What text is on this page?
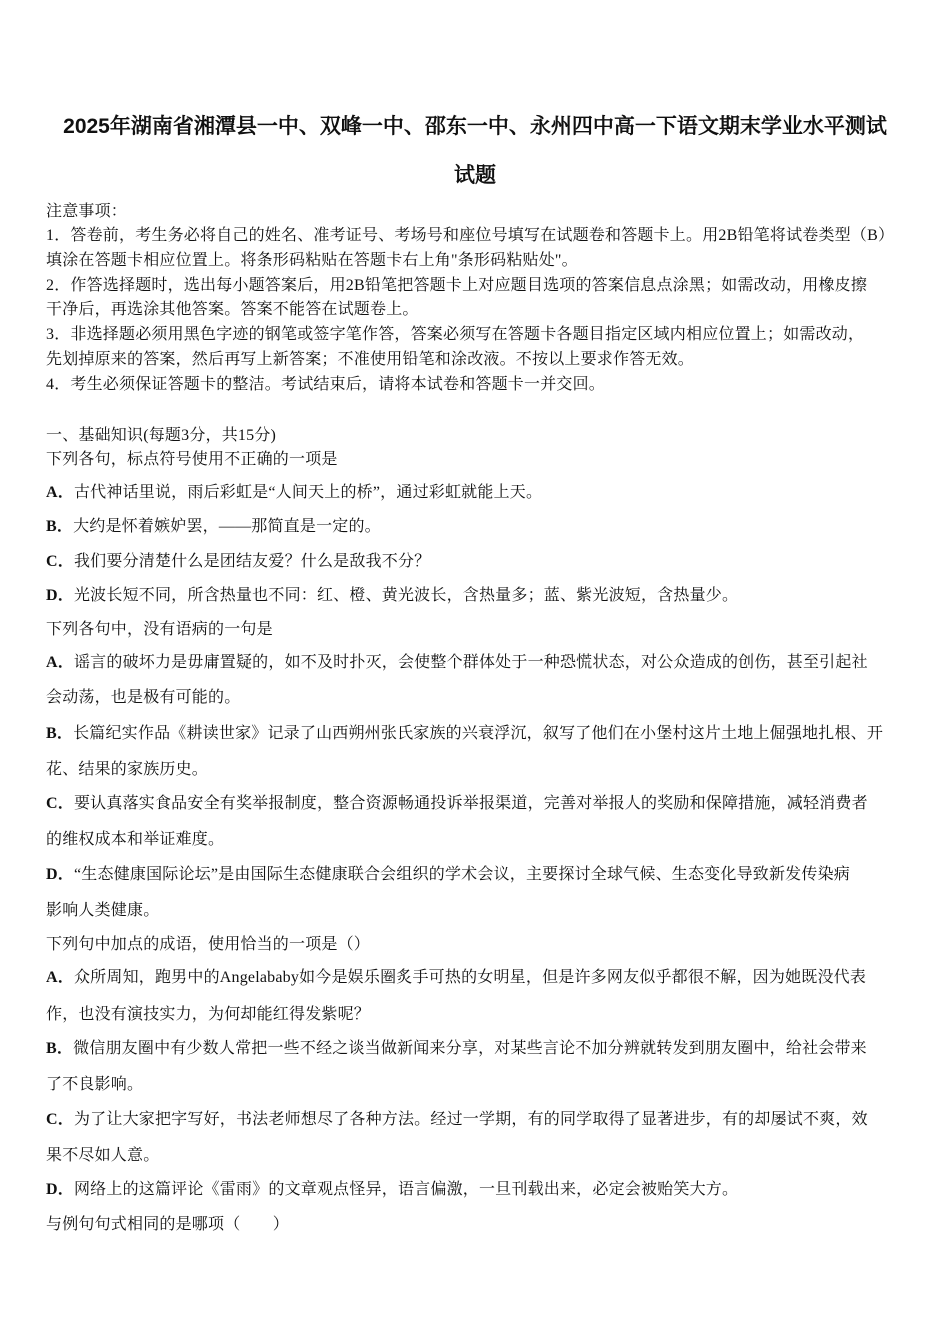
2025年湖南省湘潭县一中、双峰一中、邵东一中、永州四中高一下语文期末学业水平测试
试题
注意事项：
1．答卷前，考生务必将自己的姓名、准考证号、考场号和座位号填写在试题卷和答题卡上。用2B铅笔将试卷类型（B）
填涂在答题卡相应位置上。将条形码粘贴在答题卡右上角"条形码粘贴处"。
2．作答选择题时，选出每小题答案后，用2B铅笔把答题卡上对应题目选项的答案信息点涂黑；如需改动，用橡皮擦
干净后，再选涂其他答案。答案不能答在试题卷上。
3．非选择题必须用黑色字迹的钢笔或签字笔作答，答案必须写在答题卡各题目指定区域内相应位置上；如需改动，
先划掉原来的答案，然后再写上新答案；不准使用铅笔和涂改液。不按以上要求作答无效。
4．考生必须保证答题卡的整洁。考试结束后，请将本试卷和答题卡一并交回。
一、基础知识(每题3分，共15分)
下列各句，标点符号使用不正确的一项是
A．古代神话里说，雨后彩虹是“人间天上的桥”，通过彩虹就能上天。
B．大约是怀着嫉妒罢，——那简直是一定的。
C．我们要分清楚什么是团结友爱？什么是敌我不分？
D．光波长短不同，所含热量也不同：红、橙、黄光波长，含热量多；蓝、紫光波短，含热量少。
下列各句中，没有语病的一句是
A．谣言的破坏力是毋庸置疑的，如不及时扑灭，会使整个群体处于一种恐慌状态，对公众造成的创伤，甚至引起社
会动荡，也是极有可能的。
B．长篇纪实作品《耕读世家》记录了山西朔州张氏家族的兴衰浮沉，叙写了他们在小堡村这片土地上倔强地扎根、开
花、结果的家族历史。
C．要认真落实食品安全有奖举报制度，整合资源畅通投诉举报渠道，完善对举报人的奖励和保障措施，减轻消费者
的维权成本和举证难度。
D．“生态健康国际论坛”是由国际生态健康联合会组织的学术会议，主要探讨全球气候、生态变化导致新发传染病
影响人类健康。
下列句中加点的成语，使用恰当的一项是（）
A．众所周知，跑男中的Angelababy如今是娱乐圈炙手可热的女明星，但是许多网友似乎都很不解，因为她既没代表
作，也没有演技实力，为何却能红得发紫呢？
B．微信朋友圈中有少数人常把一些不经之谈当做新闻来分享，对某些言论不加分辨就转发到朋友圈中，给社会带来
了不良影响。
C．为了让大家把字写好，书法老师想尽了各种方法。经过一学期，有的同学取得了显著进步，有的却屡试不爽，效
果不尽如人意。
D．网络上的这篇评论《雷雨》的文章观点怪异，语言偏激，一旦刊载出来，必定会被贻笑大方。
与例句句式相同的是哪项（　　）
